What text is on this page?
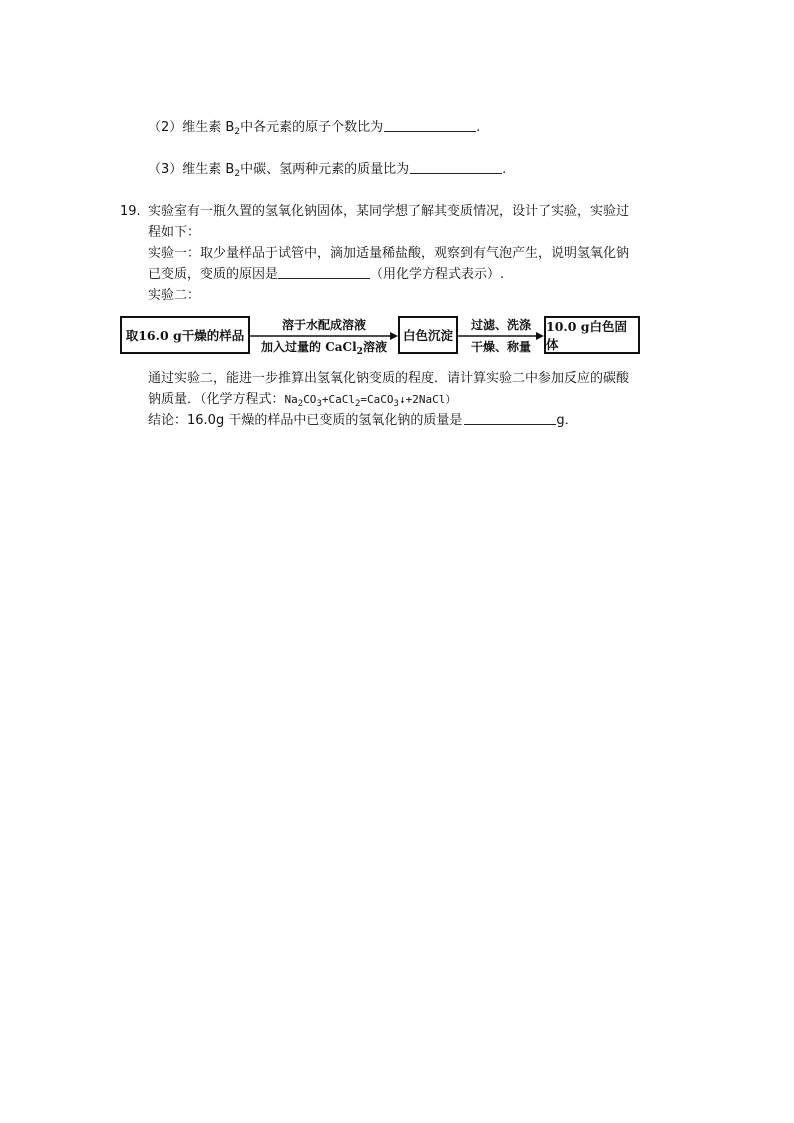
（2）维生素 $B_2$中各元素的原子个数比为	.
（3）维生素 $B_2$中碳、氢两种元素的质量比为	.
19. 实验室有一瓶久置的氢氧化钠固体，某同学想了解其变质情况，设计了实验，实验过
程如下：
实验一：取少量样品于试管中，滴加适量稀盐酸，观察到有气泡产生，说明氢氧化钠
已变质，变质的原因是	（用化学方程式表示）.
实验二：
取16.0 g干燥的样品
溶于水配成溶液
加入过量的 CaCl$_2$溶液
白色沉淀
过滤、洗涤
干燥、称量
10.0 g白色固体
通过实验二，能进一步推算出氢氧化钠变质的程度．请计算实验二中参加反应的碳酸
钠质量．（化学方程式：$Na_2CO_3+CaCl_2=CaCO_3↓+2NaCl$）
结论：16.0g 干燥的样品中已变质的氢氧化钠的质量是	g．
